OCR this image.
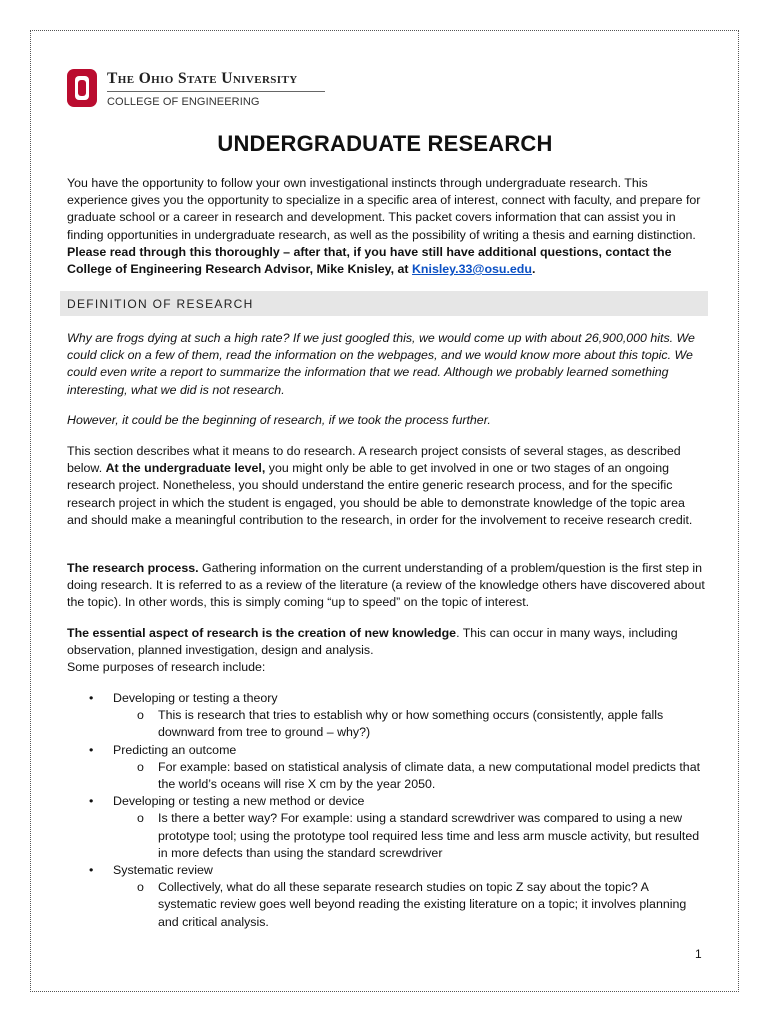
The Ohio State University
COLLEGE OF ENGINEERING
UNDERGRADUATE RESEARCH
You have the opportunity to follow your own investigational instincts through undergraduate research. This experience gives you the opportunity to specialize in a specific area of interest, connect with faculty, and prepare for graduate school or a career in research and development. This packet covers information that can assist you in finding opportunities in undergraduate research, as well as the possibility of writing a thesis and earning distinction. Please read through this thoroughly – after that, if you have still have additional questions, contact the College of Engineering Research Advisor, Mike Knisley, at Knisley.33@osu.edu.
DEFINITION OF RESEARCH
Why are frogs dying at such a high rate? If we just googled this, we would come up with about 26,900,000 hits. We could click on a few of them, read the information on the webpages, and we would know more about this topic. We could even write a report to summarize the information that we read. Although we probably learned something interesting, what we did is not research.
However, it could be the beginning of research, if we took the process further.
This section describes what it means to do research. A research project consists of several stages, as described below. At the undergraduate level, you might only be able to get involved in one or two stages of an ongoing research project. Nonetheless, you should understand the entire generic research process, and for the specific research project in which the student is engaged, you should be able to demonstrate knowledge of the topic area and should make a meaningful contribution to the research, in order for the involvement to receive research credit.
The research process. Gathering information on the current understanding of a problem/question is the first step in doing research. It is referred to as a review of the literature (a review of the knowledge others have discovered about the topic). In other words, this is simply coming “up to speed” on the topic of interest.
The essential aspect of research is the creation of new knowledge. This can occur in many ways, including observation, planned investigation, design and analysis.
Some purposes of research include:
• Developing or testing a theory
o This is research that tries to establish why or how something occurs (consistently, apple falls downward from tree to ground – why?)
• Predicting an outcome
o For example: based on statistical analysis of climate data, a new computational model predicts that the world’s oceans will rise X cm by the year 2050.
• Developing or testing a new method or device
o Is there a better way? For example: using a standard screwdriver was compared to using a new prototype tool; using the prototype tool required less time and less arm muscle activity, but resulted in more defects than using the standard screwdriver
• Systematic review
o Collectively, what do all these separate research studies on topic Z say about the topic? A systematic review goes well beyond reading the existing literature on a topic; it involves planning and critical analysis.
1
